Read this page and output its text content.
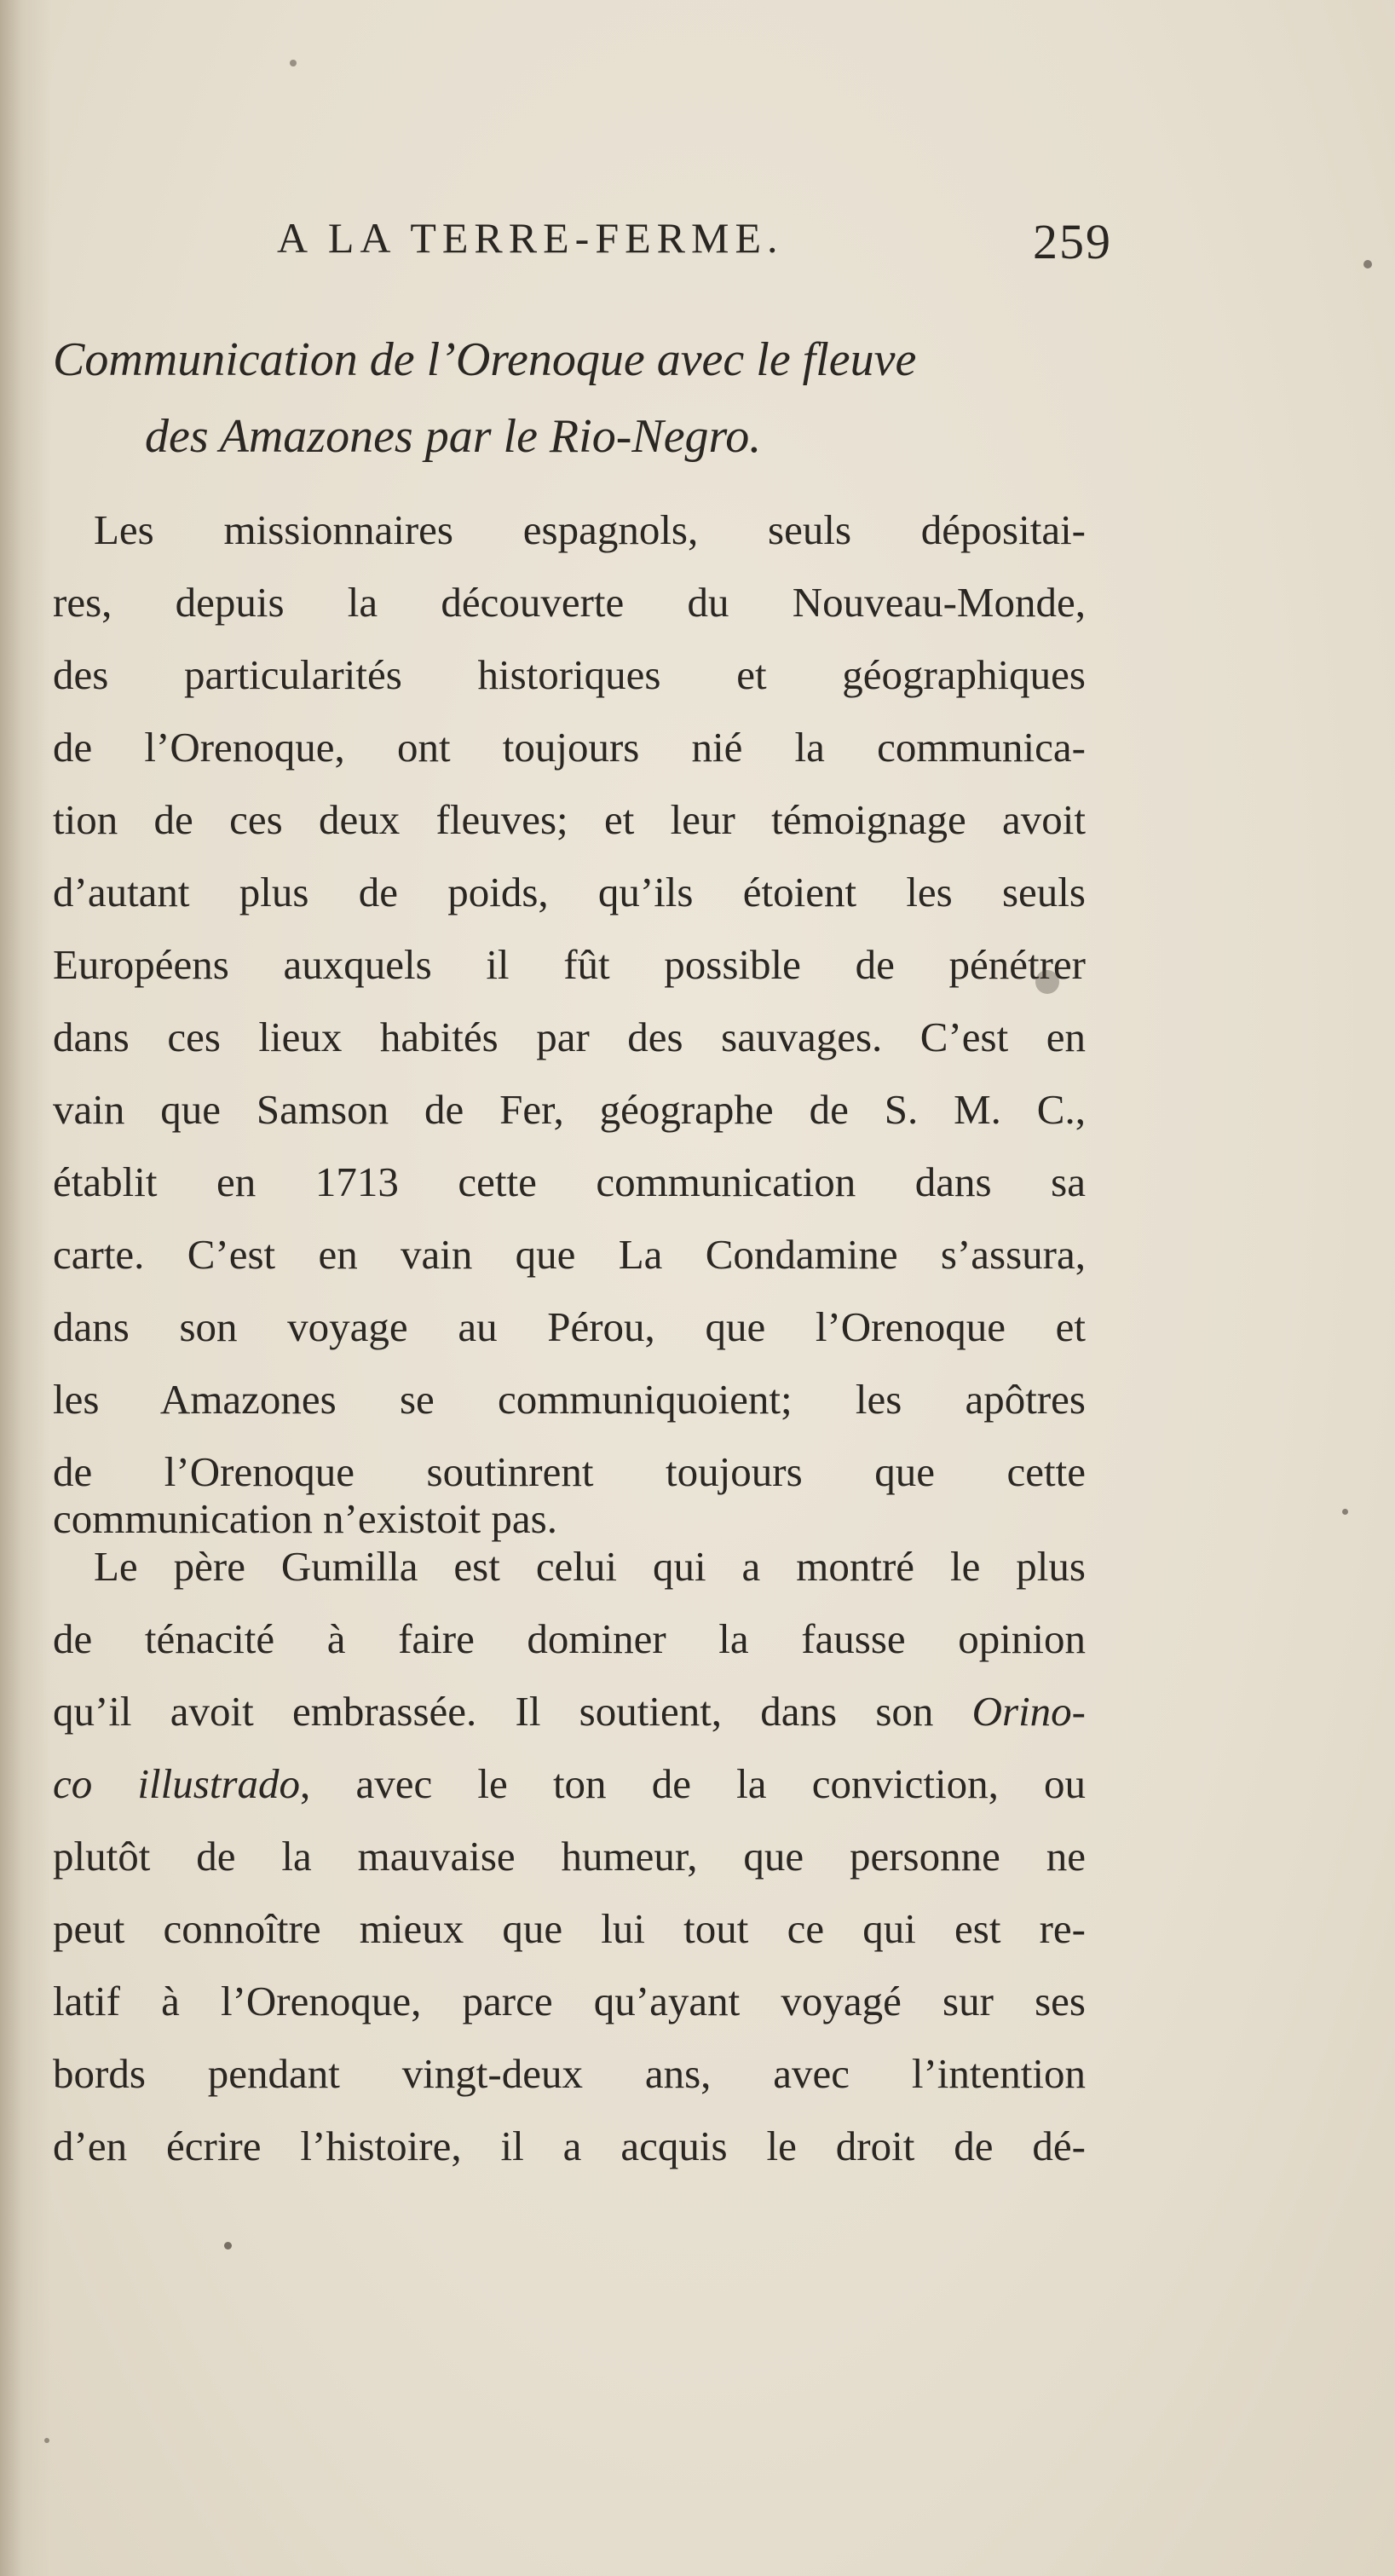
A LA TERRE-FERME.	259
Communication de l’Orenoque avec le fleuve
des Amazones par le Rio-Negro.
Les missionnaires espagnols, seuls dépositai-
res, depuis la découverte du Nouveau-Monde,
des particularités historiques et géographiques
de l’Orenoque, ont toujours nié la communica-
tion de ces deux fleuves; et leur témoignage avoit
d’autant plus de poids, qu’ils étoient les seuls
Européens auxquels il fût possible de pénétrer
dans ces lieux habités par des sauvages. C’est en
vain que Samson de Fer, géographe de S. M. C.,
établit en 1713 cette communication dans sa
carte. C’est en vain que La Condamine s’assura,
dans son voyage au Pérou, que l’Orenoque et
les Amazones se communiquoient; les apôtres
de l’Orenoque soutinrent toujours que cette
communication n’existoit pas.
Le père Gumilla est celui qui a montré le plus
de ténacité à faire dominer la fausse opinion
qu’il avoit embrassée. Il soutient, dans son Orino-
co illustrado, avec le ton de la conviction, ou
plutôt de la mauvaise humeur, que personne ne
peut connoître mieux que lui tout ce qui est re-
latif à l’Orenoque, parce qu’ayant voyagé sur ses
bords pendant vingt-deux ans, avec l’intention
d’en écrire l’histoire, il a acquis le droit de dé-
